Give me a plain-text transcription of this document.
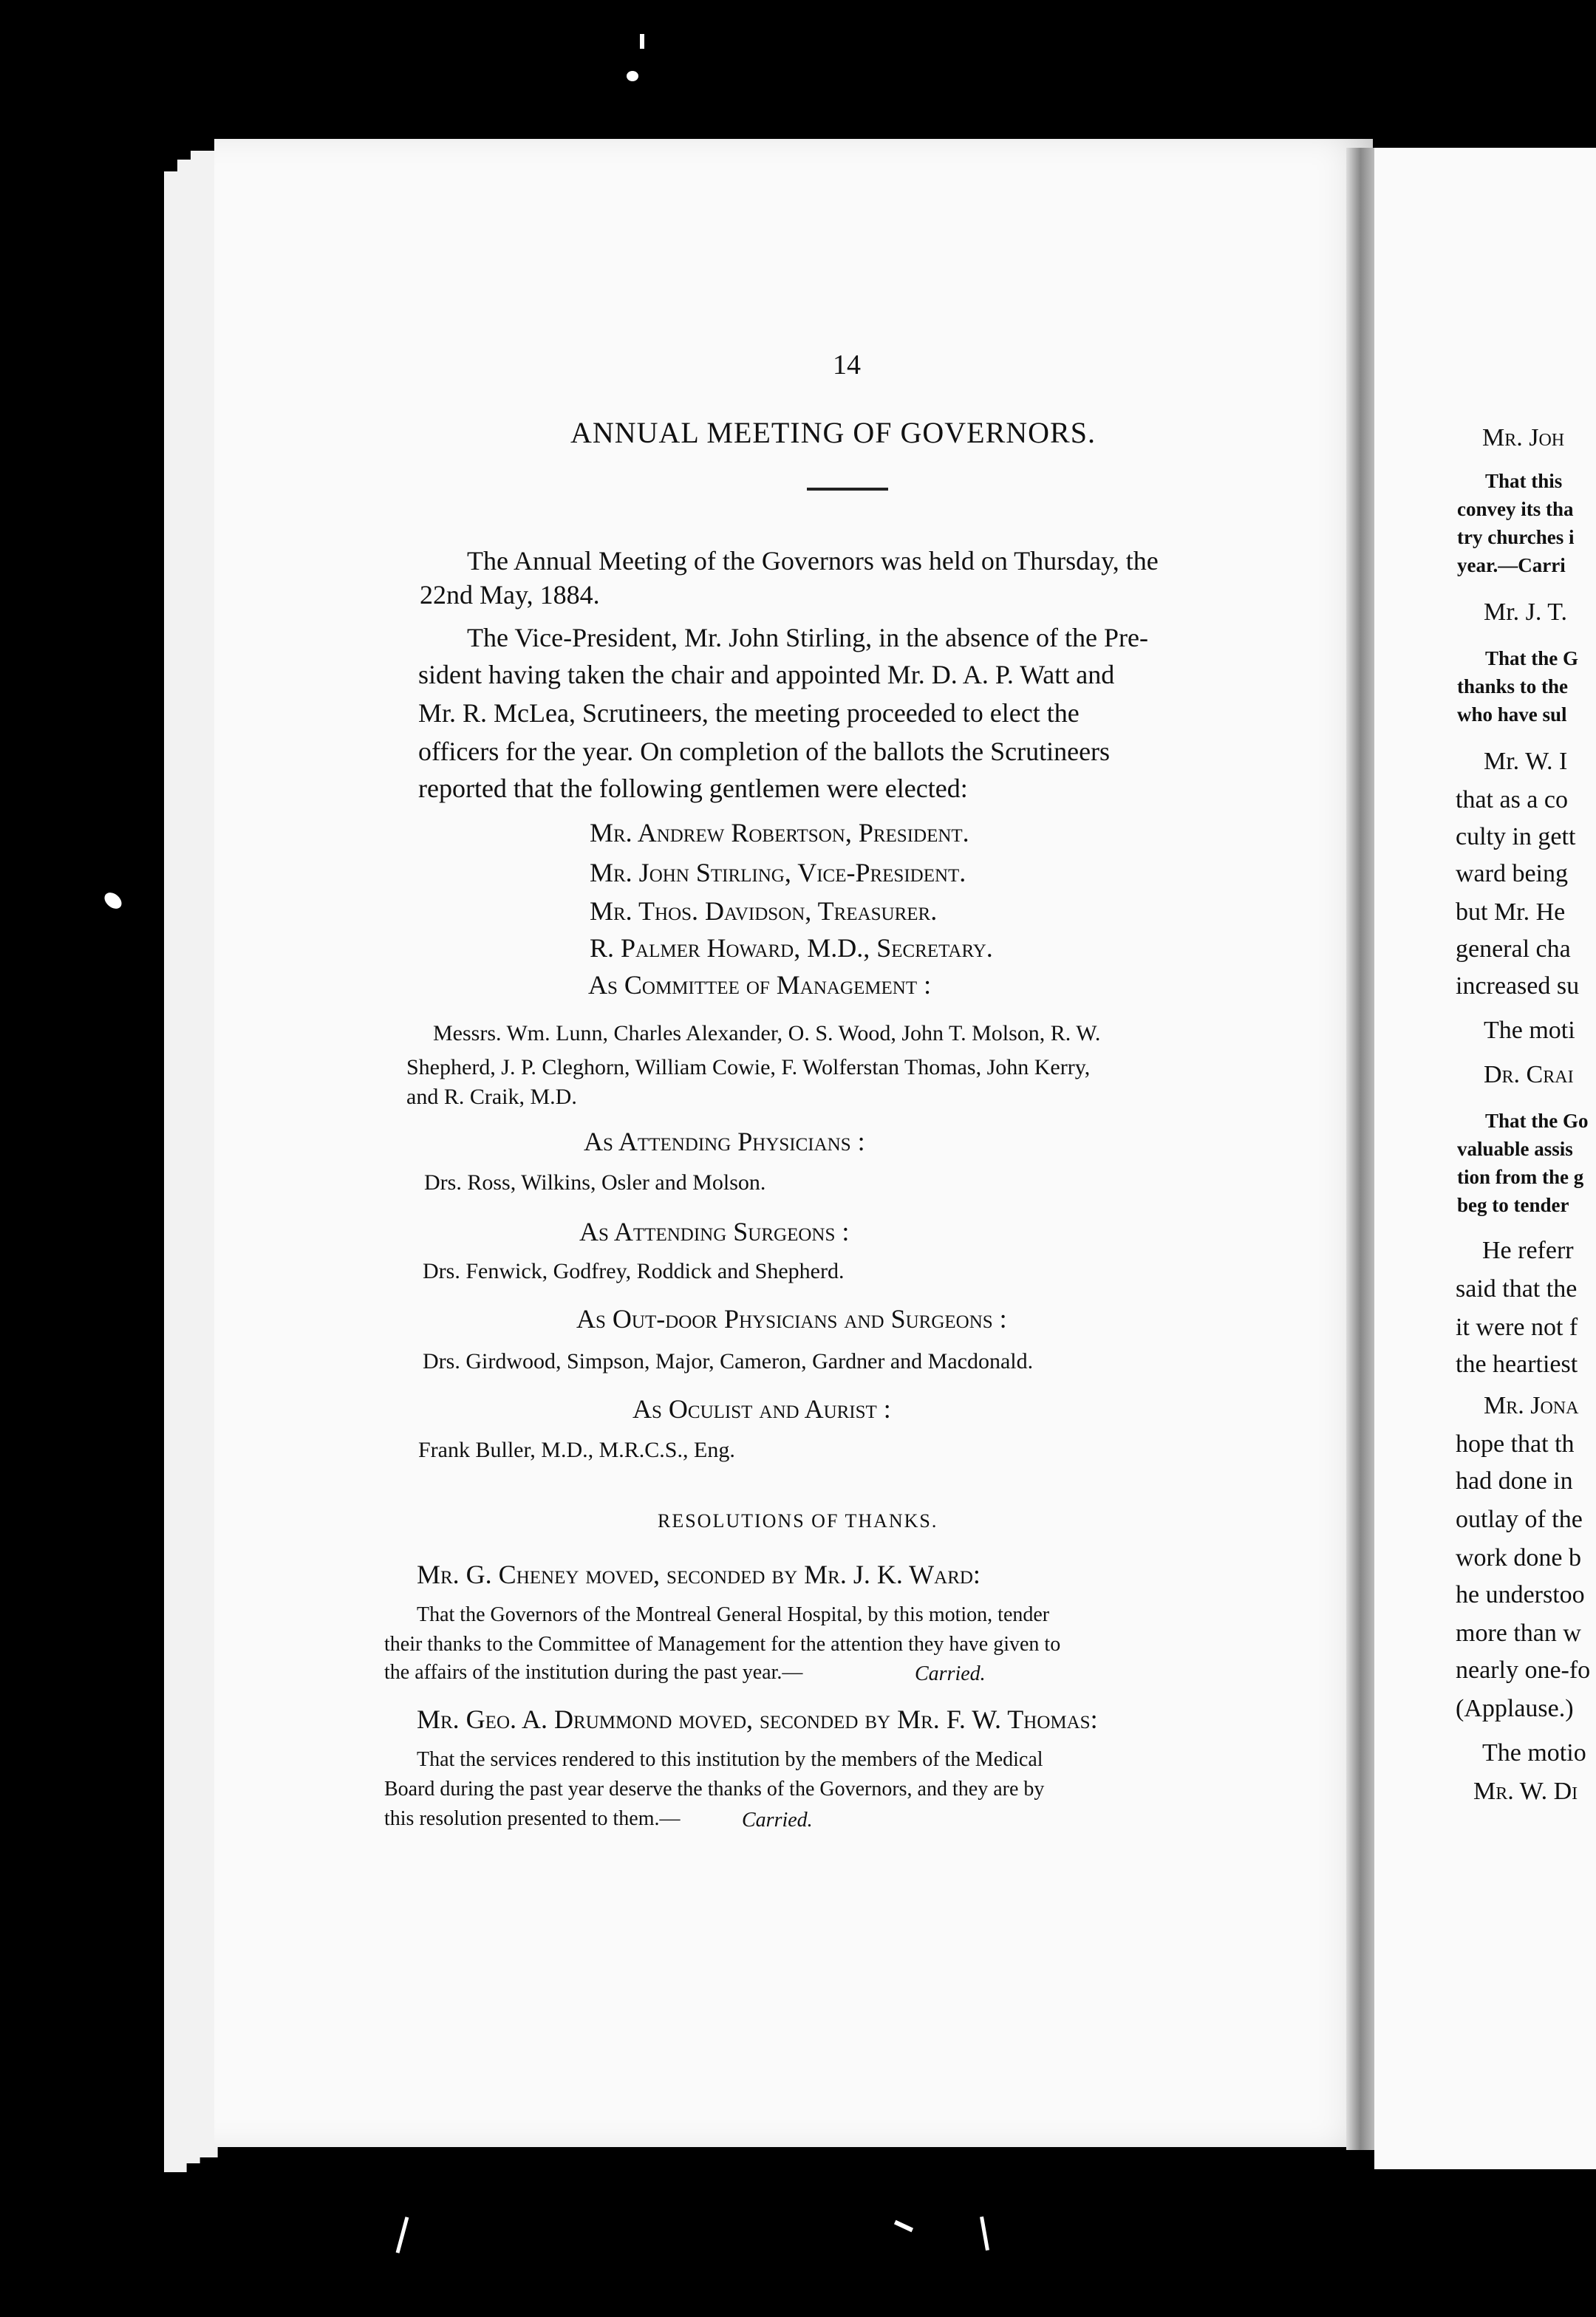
14
ANNUAL MEETING OF GOVERNORS.
The Annual Meeting of the Governors was held on Thursday, the
22nd May, 1884.
The Vice-President, Mr. John Stirling, in the absence of the Pre-
sident having taken the chair and appointed Mr. D. A. P. Watt and
Mr. R. McLea, Scrutineers, the meeting proceeded to elect the
officers for the year. On completion of the ballots the Scrutineers
reported that the following gentlemen were elected:
Mr. Andrew Robertson, President.
Mr. John Stirling, Vice-President.
Mr. Thos. Davidson, Treasurer.
R. Palmer Howard, M.D., Secretary.
As Committee of Management :
Messrs. Wm. Lunn, Charles Alexander, O. S. Wood, John T. Molson, R. W.
Shepherd, J. P. Cleghorn, William Cowie, F. Wolferstan Thomas, John Kerry,
and R. Craik, M.D.
As Attending Physicians :
Drs. Ross, Wilkins, Osler and Molson.
As Attending Surgeons :
Drs. Fenwick, Godfrey, Roddick and Shepherd.
As Out-door Physicians and Surgeons :
Drs. Girdwood, Simpson, Major, Cameron, Gardner and Macdonald.
As Oculist and Aurist :
Frank Buller, M.D., M.R.C.S., Eng.
RESOLUTIONS OF THANKS.
Mr. G. Cheney moved, seconded by Mr. J. K. Ward:
That the Governors of the Montreal General Hospital, by this motion, tender
their thanks to the Committee of Management for the attention they have given to
the affairs of the institution during the past year.—	Carried.
Mr. Geo. A. Drummond moved, seconded by Mr. F. W. Thomas:
That the services rendered to this institution by the members of the Medical
Board during the past year deserve the thanks of the Governors, and they are by
this resolution presented to them.—	Carried.
Mr. Joh
That this
convey its tha
try churches i
year.—Carri
Mr. J. T.
That the G
thanks to the
who have sul
Mr. W. I
that as a co
culty in gett
ward being
but Mr. He
general cha
increased su
The moti
Dr. Crai
That the Go
valuable assis
tion from the g
beg to tender
He referr
said that the
it were not f
the heartiest
Mr. Jona
hope that th
had done in
outlay of the
work done b
he understoo
more than w
nearly one-fo
(Applause.)
The motio
Mr. W. Di
